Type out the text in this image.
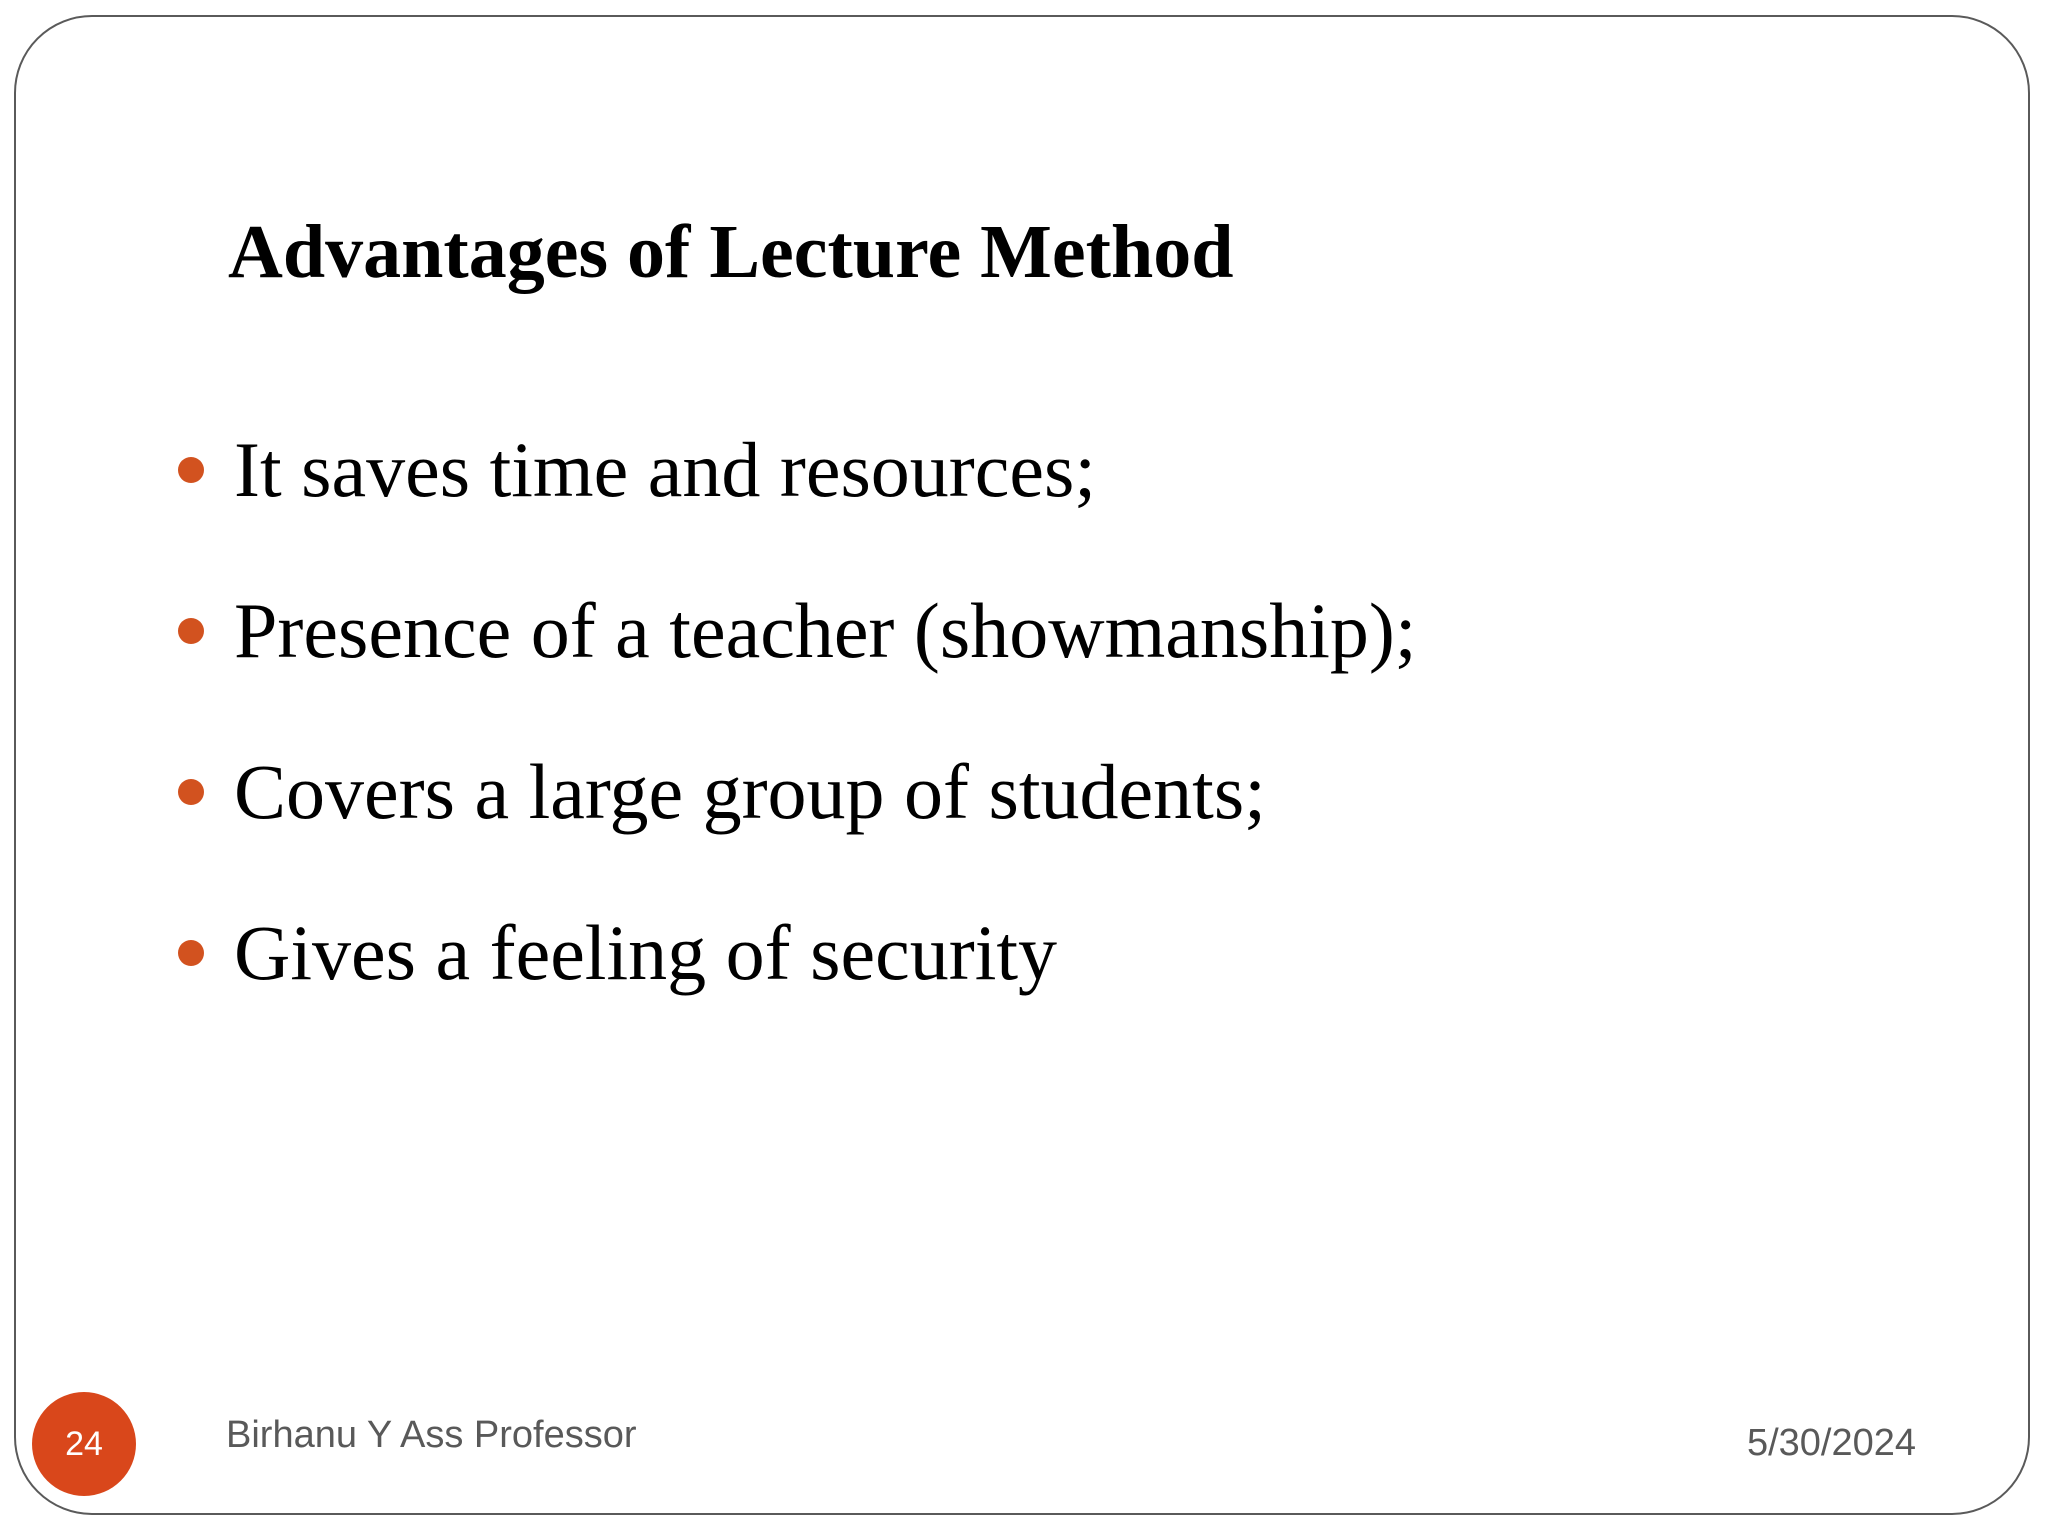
Advantages of Lecture Method
It saves time and resources;
Presence of a teacher (showmanship);
Covers a large group of students;
Gives a feeling of security
24	Birhanu Y Ass Professor	5/30/2024
